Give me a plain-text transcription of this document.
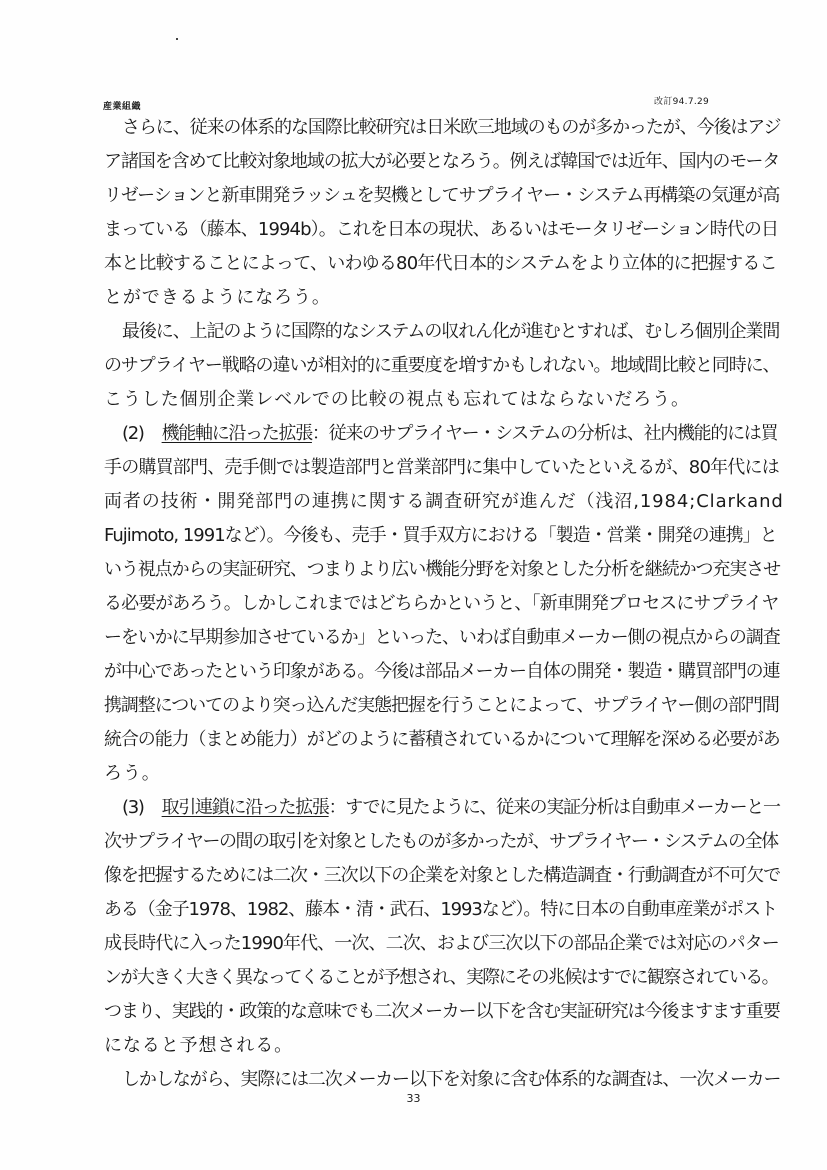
産業組織	改訂94.7.29
さらに、従来の体系的な国際比較研究は日米欧三地域のものが多かったが、今後はアジ
ア諸国を含めて比較対象地域の拡大が必要となろう。例えば韓国では近年、国内のモータ
リゼーションと新車開発ラッシュを契機としてサプライヤー・システム再構築の気運が高
まっている（藤本、1994b）。これを日本の現状、あるいはモータリゼーション時代の日
本と比較することによって、いわゆる80年代日本的システムをより立体的に把握するこ
とができるようになろう。
最後に、上記のように国際的なシステムの収れん化が進むとすれば、むしろ個別企業間
のサプライヤー戦略の違いが相対的に重要度を増すかもしれない。地域間比較と同時に、
こうした個別企業レベルでの比較の視点も忘れてはならないだろう。
(2) 機能軸に沿った拡張：従来のサプライヤー・システムの分析は、社内機能的には買
手の購買部門、売手側では製造部門と営業部門に集中していたといえるが、80年代には
両者の技術・開発部門の連携に関する調査研究が進んだ（浅沼,1984; Clark and
Fujimoto, 1991など）。今後も、売手・買手双方における「製造・営業・開発の連携」と
いう視点からの実証研究、つまりより広い機能分野を対象とした分析を継続かつ充実させ
る必要があろう。しかしこれまではどちらかというと、「新車開発プロセスにサプライヤ
ーをいかに早期参加させているか」といった、いわば自動車メーカー側の視点からの調査
が中心であったという印象がある。今後は部品メーカー自体の開発・製造・購買部門の連
携調整についてのより突っ込んだ実態把握を行うことによって、サプライヤー側の部門間
統合の能力（まとめ能力）がどのように蓄積されているかについて理解を深める必要があ
ろう。
(3) 取引連鎖に沿った拡張：すでに見たように、従来の実証分析は自動車メーカーと一
次サプライヤーの間の取引を対象としたものが多かったが、サプライヤー・システムの全体
像を把握するためには二次・三次以下の企業を対象とした構造調査・行動調査が不可欠で
ある（金子1978、1982、藤本・清・武石、1993など）。特に日本の自動車産業がポスト
成長時代に入った1990年代、一次、二次、および三次以下の部品企業では対応のパター
ンが大きく大きく異なってくることが予想され、実際にその兆候はすでに観察されている。
つまり、実践的・政策的な意味でも二次メーカー以下を含む実証研究は今後ますます重要
になると予想される。
しかしながら、実際には二次メーカー以下を対象に含む体系的な調査は、一次メーカー
33
